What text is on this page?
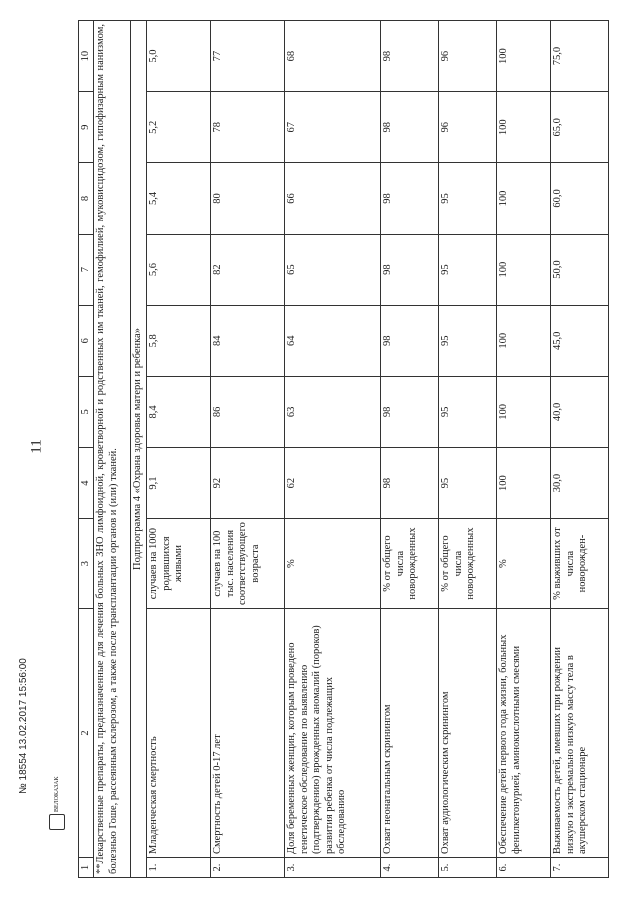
11
1	2	3	4	5	6	7	8	9	10
**Лекарственные препараты, предназначенные для лечения больных ЗНО лимфоидной, кроветворной и родственных им тканей, гемофилией, муковисцидозом, гипофизарным нанизмом, болезнью Гоше, рассеянным склерозом, а также после трансплантации органов и (или) тканей.									
Подпрограмма 4 «Охрана здоровья матери и ребенка»									
1.	Младенческая смертность	случаев на 1000 родившихся живыми	9,1	8,4	5,8	5,6	5,4	5,2	5,0
2.	Смертность детей 0-17 лет	случаев на 100 тыс. населения соответствующего возраста	92	86	84	82	80	78	77
3.	Доля беременных женщин, которым проведено генетическое обследование по выявлению (подтверждению) врожденных аномалий (пороков) развития ребенка от числа подлежащих обследованию	%	62	63	64	65	66	67	68
4.	Охват неонатальным скринингом	% от общего числа новорожденных	98	98	98	98	98	98	98
5.	Охват аудиологическим скринингом	% от общего числа новорожденных	95	95	95	95	95	96	96
6.	Обеспечение детей первого года жизни, больных фенилкетонурией, аминокислотными смесями	%	100	100	100	100	100	100	100
7.	Выживаемость детей, имевших при рождении низкую и экстремально низкую массу тела в акушерском стационаре	% выживших от числа новорожден-	30,0	40,0	45,0	50,0	60,0	65,0	75,0
ВЕЛОКАЗАК
№ 18554 13.02.2017 15:56:00
